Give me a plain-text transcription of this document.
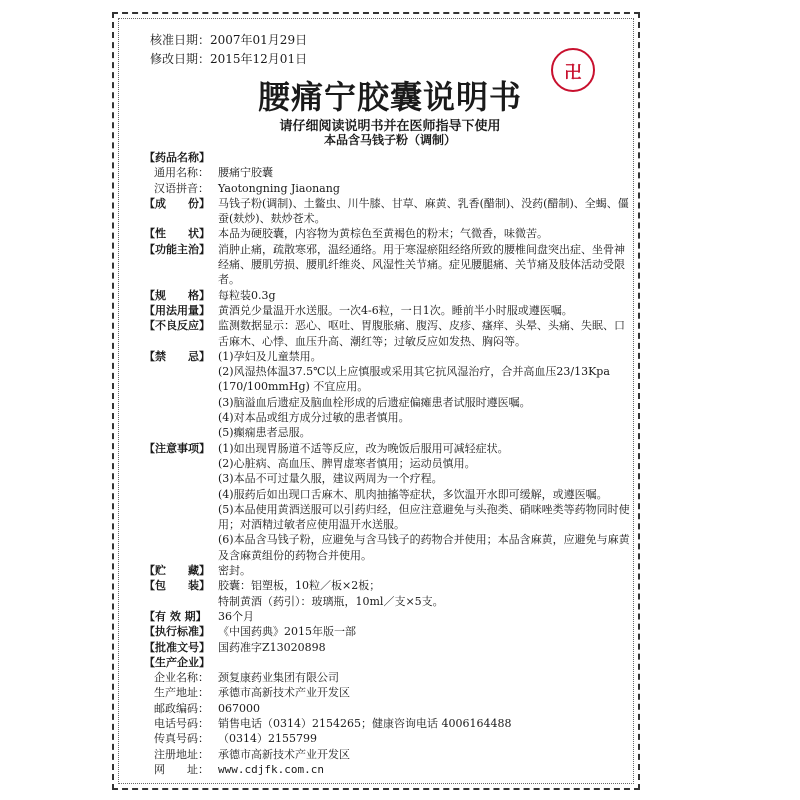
核准日期：2007年01月29日
修改日期：2015年12月01日
卍
腰痛宁胶囊说明书
请仔细阅读说明书并在医师指导下使用
本品含马钱子粉（调制）
【药品名称】
通用名称： 腰痛宁胶囊
汉语拼音： Yaotongning Jiaonang
【成　　份】 马钱子粉(调制)、土鳖虫、川牛膝、甘草、麻黄、乳香(醋制)、没药(醋制)、全蝎、僵蚕(麸炒)、麸炒苍术。
【性　　状】 本品为硬胶囊，内容物为黄棕色至黄褐色的粉末；气微香，味微苦。
【功能主治】 消肿止痛，疏散寒邪，温经通络。用于寒湿瘀阻经络所致的腰椎间盘突出症、坐骨神经痛、腰肌劳损、腰肌纤维炎、风湿性关节痛。症见腰腿痛、关节痛及肢体活动受限者。
【规　　格】 每粒装0.3g
【用法用量】 黄酒兑少量温开水送服。一次4-6粒，一日1次。睡前半小时服或遵医嘱。
【不良反应】 监测数据显示：恶心、呕吐、胃腹胀痛、腹泻、皮疹、瘙痒、头晕、头痛、失眠、口舌麻木、心悸、血压升高、潮红等；过敏反应如发热、胸闷等。
【禁　　忌】 (1)孕妇及儿童禁用。

(2)风湿热体温37.5℃以上应慎服或采用其它抗风湿治疗，合并高血压23/13Kpa (170/100mmHg) 不宜应用。

(3)脑溢血后遗症及脑血栓形成的后遗症偏瘫患者试服时遵医嘱。

(4)对本品或组方成分过敏的患者慎用。

(5)癫痫患者忌服。

【注意事项】 (1)如出现胃肠道不适等反应，改为晚饭后服用可减轻症状。

(2)心脏病、高血压、脾胃虚寒者慎用；运动员慎用。

(3)本品不可过量久服，建议两周为一个疗程。

(4)服药后如出现口舌麻木、肌肉抽搐等症状，多饮温开水即可缓解，或遵医嘱。

(5)本品使用黄酒送服可以引药归经，但应注意避免与头孢类、硝咪唑类等药物同时使用；对酒精过敏者应使用温开水送服。

(6)本品含马钱子粉，应避免与含马钱子的药物合并使用；本品含麻黄，应避免与麻黄及含麻黄组份的药物合并使用。

【贮　　藏】 密封。
【包　　装】 胶囊：铝塑板，10粒／板×2板；

特制黄酒（药引）：玻璃瓶，10ml／支×5支。

【有 效 期】	36个月
【执行标准】 《中国药典》2015年版一部
【批准文号】 国药准字Z13020898
【生产企业】
企业名称： 颈复康药业集团有限公司
生产地址： 承德市高新技术产业开发区
邮政编码： 067000
电话号码： 销售电话（0314）2154265；健康咨询电话 4006164488
传真号码： （0314）2155799
注册地址： 承德市高新技术产业开发区
网　　址： www.cdjfk.com.cn
